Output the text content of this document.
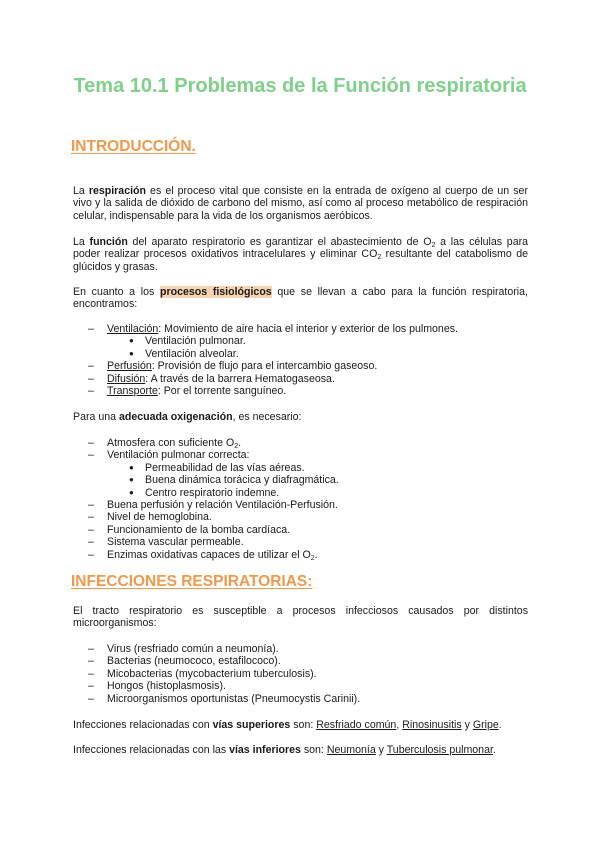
Tema 10.1 Problemas de la Función respiratoria
INTRODUCCIÓN.

La respiración es el proceso vital que consiste en la entrada de oxígeno al cuerpo de un ser vivo y la salida de dióxido de carbono del mismo, así como al proceso metabólico de respiración celular, indispensable para la vida de los organismos aeróbicos.

La función del aparato respiratorio es garantizar el abastecimiento de $O_2$ a las células para poder realizar procesos oxidativos intracelulares y eliminar $CO_2$ resultante del catabolismo de glúcidos y grasas.

En cuanto a los procesos fisiológicos que se llevan a cabo para la función respiratoria, encontramos:

– Ventilación: Movimiento de aire hacia el interior y exterior de los pulmones.
● Ventilación pulmonar.
● Ventilación alveolar.
– Perfusión: Provisión de flujo para el intercambio gaseoso.
– Difusión: A través de la barrera Hematogaseosa.
– Transporte: Por el torrente sanguíneo.

Para una adecuada oxigenación, es necesario:

– Atmosfera con suficiente $O_2$.
– Ventilación pulmonar correcta:
● Permeabilidad de las vías aéreas.
● Buena dinámica torácica y diafragmática.
● Centro respiratorio indemne.
– Buena perfusión y relación Ventilación-Perfusión.
– Nivel de hemoglobina.
– Funcionamiento de la bomba cardíaca.
– Sistema vascular permeable.
– Enzimas oxidativas capaces de utilizar el $O_2$.
INFECCIONES RESPIRATORIAS:

El tracto respiratorio es susceptible a procesos infecciosos causados por distintos microorganismos:

– Virus (resfriado común a neumonía).
– Bacterias (neumococo, estafilococo).
– Micobacterias (mycobacterium tuberculosis).
– Hongos (histoplasmosis).
– Microorganismos oportunistas (Pneumocystis Carinii).

Infecciones relacionadas con vías superiores son: Resfriado común, Rinosinusitis y Gripe.

Infecciones relacionadas con las vías inferiores son: Neumonía y Tuberculosis pulmonar.
